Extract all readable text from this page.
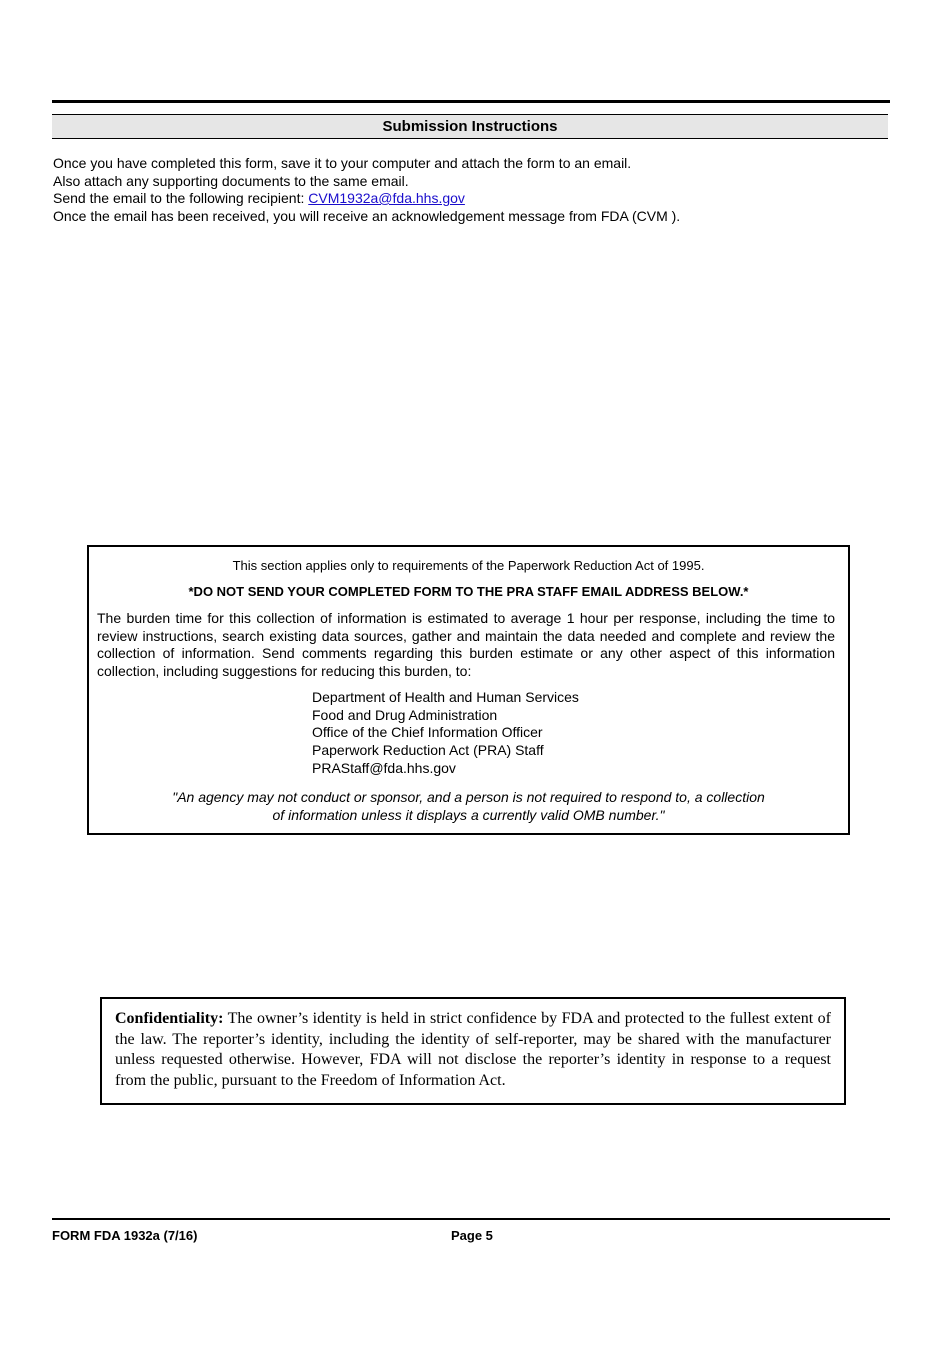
Submission Instructions
Once you have completed this form, save it to your computer and attach the form to an email.
Also attach any supporting documents to the same email.
Send the email to the following recipient: CVM1932a@fda.hhs.gov
Once the email has been received, you will receive an acknowledgement message from FDA (CVM ).
This section applies only to requirements of the Paperwork Reduction Act of 1995.
*DO NOT SEND YOUR COMPLETED FORM TO THE PRA STAFF EMAIL ADDRESS BELOW.*
The burden time for this collection of information is estimated to average 1 hour per response, including the time to review instructions, search existing data sources, gather and maintain the data needed and complete and review the collection of information. Send comments regarding this burden estimate or any other aspect of this information collection, including suggestions for reducing this burden, to:
Department of Health and Human Services
Food and Drug Administration
Office of the Chief Information Officer
Paperwork Reduction Act (PRA) Staff
PRAStaff@fda.hhs.gov
"An agency may not conduct or sponsor, and a person is not required to respond to, a collection
of information unless it displays a currently valid OMB number."
Confidentiality: The owner’s identity is held in strict confidence by FDA and protected to the fullest extent of the law. The reporter’s identity, including the identity of self-reporter, may be shared with the manufacturer unless requested otherwise. However, FDA will not disclose the reporter’s identity in response to a request from the public, pursuant to the Freedom of Information Act.
FORM FDA 1932a (7/16)	Page 5
